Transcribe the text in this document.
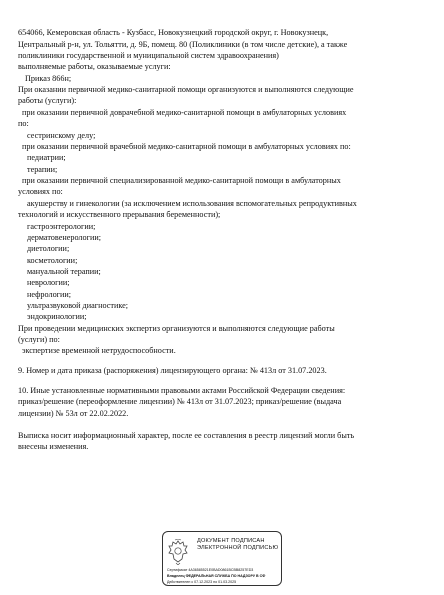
654066, Кемеровская область - Кузбасс, Новокузнецкий городской округ, г. Новокузнецк,
Центральный р-н, ул. Тольятти, д. 9Б, помещ. 80 (Поликлиники (в том числе детские), а также
поликлиники государственной и муниципальной систем здравоохранения)
выполняемые работы, оказываемые услуги:
Приказ 866н;
При оказании первичной медико-санитарной помощи организуются и выполняются следующие
работы (услуги):
при оказании первичной доврачебной медико-санитарной помощи в амбулаторных условиях
по:
сестринскому делу;
при оказании первичной врачебной медико-санитарной помощи в амбулаторных условиях по:
педиатрии;
терапии;
при оказании первичной специализированной медико-санитарной помощи в амбулаторных
условиях по:
акушерству и гинекологии (за исключением использования вспомогательных репродуктивных
технологий и искусственного прерывания беременности);
гастроэнтерологии;
дерматовенерологии;
диетологии;
косметологии;
мануальной терапии;
неврологии;
нефрологии;
ультразвуковой диагностике;
эндокринологии;
При проведении медицинских экспертиз организуются и выполняются следующие работы
(услуги) по:
экспертизе временной нетрудоспособности.
9. Номер и дата приказа (распоряжения) лицензирующего органа: № 413л от 31.07.2023.
10. Иные установленные нормативными правовыми актами Российской Федерации сведения:
приказ/решение (переоформление лицензии) № 413л от 31.07.2023; приказ/решение (выдача
лицензии) № 53л от 22.02.2022.
Выписка носит информационный характер, после ее составления в реестр лицензий могли быть
внесены изменения.
ДОКУМЕНТ ПОДПИСАН
ЭЛЕКТРОННОЙ ПОДПИСЬЮ
Сертификат 4A36585521E0BAD0861BCBB8257ED3
Владелец ФЕДЕРАЛЬНАЯ СЛУЖБА ПО НАДЗОРУ В СФ
Действителен с 07.12.2023 по 01.03.2025
